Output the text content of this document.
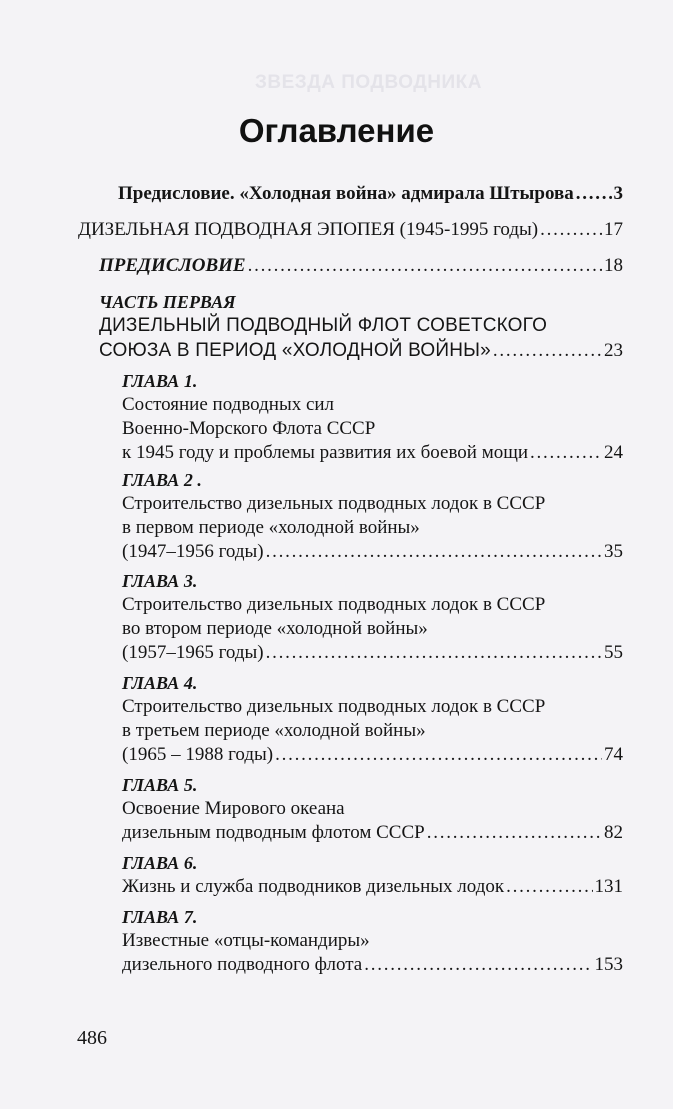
ЗВЕЗДА ПОДВОДНИКА
Оглавление
Предисловие. «Холодная война» адмирала Штырова . . . 3
ДИЗЕЛЬНАЯ ПОДВОДНАЯ ЭПОПЕЯ (1945-1995 годы) . . .	17
ПРЕДИСЛОВИЕ . . .	18
ЧАСТЬ ПЕРВАЯ
ДИЗЕЛЬНЫЙ ПОДВОДНЫЙ ФЛОТ СОВЕТСКОГО
СОЮЗА В ПЕРИОД «ХОЛОДНОЙ ВОЙНЫ» . . .	23
ГЛАВА 1.
Состояние подводных сил
Военно-Морского Флота СССР
к 1945 году и проблемы развития их боевой мощи . . .	24
ГЛАВА 2 .
Строительство дизельных подводных лодок в СССР
в первом периоде «холодной войны»
(1947–1956 годы) . . .	35
ГЛАВА 3.
Строительство дизельных подводных лодок в СССР
во втором периоде «холодной войны»
(1957–1965 годы) . . .	55
ГЛАВА 4.
Строительство дизельных подводных лодок в СССР
в третьем периоде «холодной войны»
(1965 – 1988 годы) . . .	74
ГЛАВА 5.
Освоение Мирового океана
дизельным подводным флотом СССР . . .	82
ГЛАВА 6.
Жизнь и служба подводников дизельных лодок . . .	131
ГЛАВА 7.
Известные «отцы-командиры»
дизельного подводного флота . . .	153
486
